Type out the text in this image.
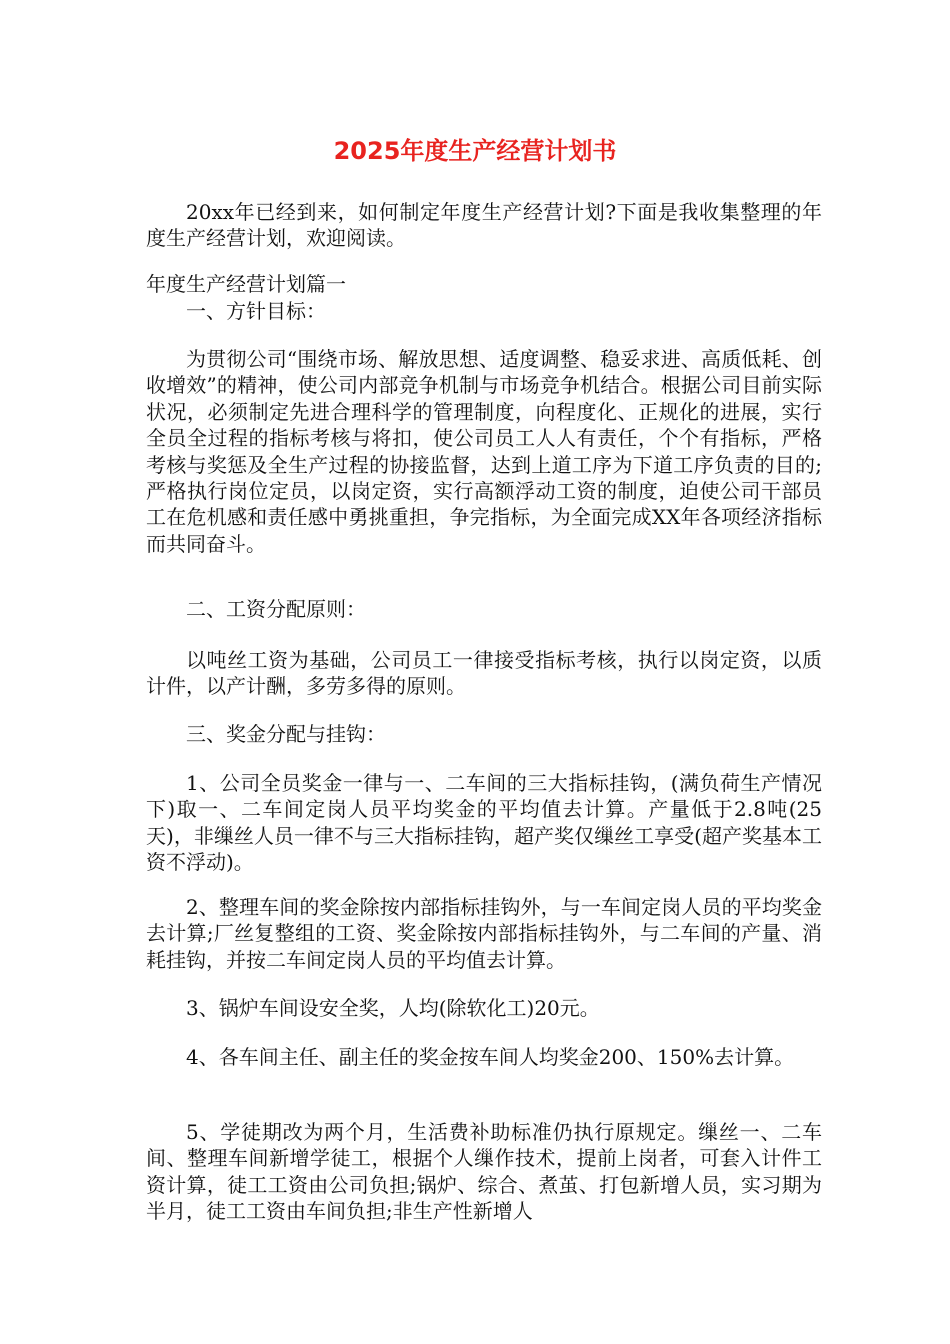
2025年度生产经营计划书

20xx年已经到来，如何制定年度生产经营计划?下面是我收集整理的年度生产经营计划，欢迎阅读。

年度生产经营计划篇一

一、方针目标：

为贯彻公司“围绕市场、解放思想、适度调整、稳妥求进、高质低耗、创收增效”的精神，使公司内部竞争机制与市场竞争机结合。根据公司目前实际状况，必须制定先进合理科学的管理制度，向程度化、正规化的进展，实行全员全过程的指标考核与将扣，使公司员工人人有责任，个个有指标，严格考核与奖惩及全生产过程的协接监督，达到上道工序为下道工序负责的目的;严格执行岗位定员，以岗定资，实行高额浮动工资的制度，迫使公司干部员工在危机感和责任感中勇挑重担，争完指标，为全面完成XX年各项经济指标而共同奋斗。

二、工资分配原则：

以吨丝工资为基础，公司员工一律接受指标考核，执行以岗定资，以质计件，以产计酬，多劳多得的原则。

三、奖金分配与挂钩：

1、公司全员奖金一律与一、二车间的三大指标挂钩，(满负荷生产情况下)取一、二车间定岗人员平均奖金的平均值去计算。产量低于2.8吨(25天)，非缫丝人员一律不与三大指标挂钩，超产奖仅缫丝工享受(超产奖基本工资不浮动)。

2、整理车间的奖金除按内部指标挂钩外，与一车间定岗人员的平均奖金去计算;厂丝复整组的工资、奖金除按内部指标挂钩外，与二车间的产量、消耗挂钩，并按二车间定岗人员的平均值去计算。

3、锅炉车间设安全奖，人均(除软化工)20元。

4、各车间主任、副主任的奖金按车间人均奖金200、150%去计算。

5、学徒期改为两个月，生活费补助标准仍执行原规定。缫丝一、二车间、整理车间新增学徒工，根据个人缫作技术，提前上岗者，可套入计件工资计算，徒工工资由公司负担;锅炉、综合、煮茧、打包新增人员，实习期为半月，徒工工资由车间负担;非生产性新增人
